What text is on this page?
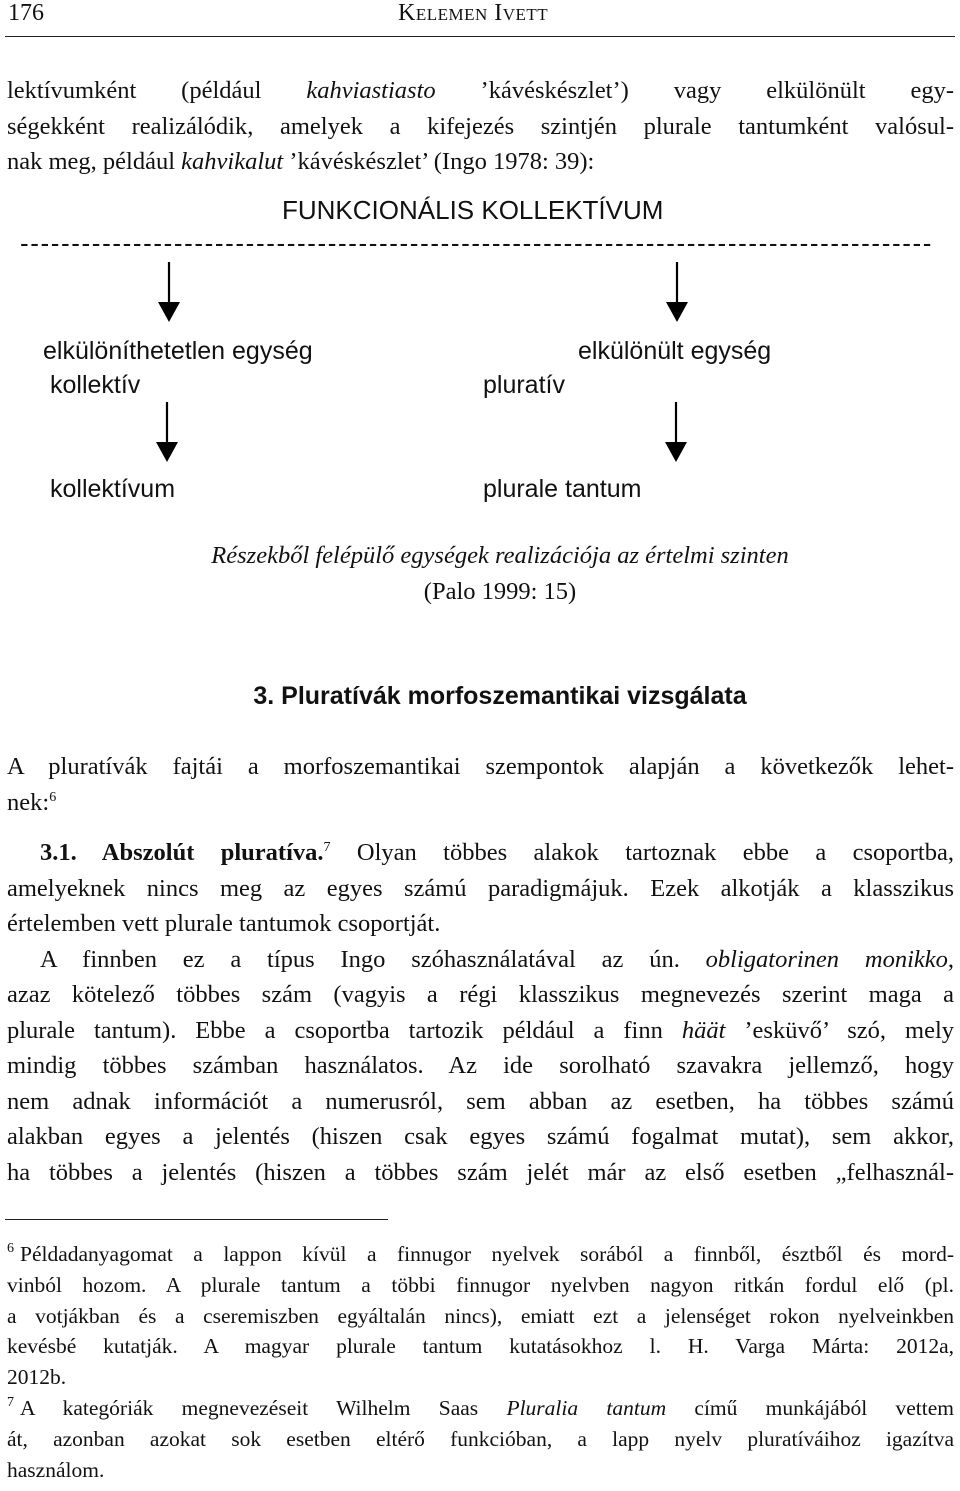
176	Kelemen Ivett
lektívumként (például kahviastiasto ’kávéskészlet’) vagy elkülönült egy-
ségekként realizálódik, amelyek a kifejezés szintjén plurale tantumként valósul-
nak meg, például kahvikalut ’kávéskészlet’ (Ingo 1978: 39):
FUNKCIONÁLIS KOLLEKTÍVUM
-----------------------------------------------------------------------------------------
elkülöníthetetlen egység	elkülönült egység
kollektív	pluratív
kollektívum	plurale tantum
Részekből felépülő egységek realizációja az értelmi szinten
(Palo 1999: 15)
3. Pluratívák morfoszemantikai vizsgálata
A pluratívák fajtái a morfoszemantikai szempontok alapján a következők lehet-
nek:$^6$
3.1. Abszolút pluratíva.$^7$ Olyan többes alakok tartoznak ebbe a csoportba,
amelyeknek nincs meg az egyes számú paradigmájuk. Ezek alkotják a klasszikus
értelemben vett plurale tantumok csoportját.
A finnben ez a típus Ingo szóhasználatával az ún. obligatorinen monikko,
azaz kötelező többes szám (vagyis a régi klasszikus megnevezés szerint maga a
plurale tantum). Ebbe a csoportba tartozik például a finn häät ’esküvő’ szó, mely
mindig többes számban használatos. Az ide sorolható szavakra jellemző, hogy
nem adnak információt a numerusról, sem abban az esetben, ha többes számú
alakban egyes a jelentés (hiszen csak egyes számú fogalmat mutat), sem akkor,
ha többes a jelentés (hiszen a többes szám jelét már az első esetben „felhasznál-
$^6$ Példadanyagomat a lappon kívül a finnugor nyelvek sorából a finnből, észtből és mord-
vinból hozom. A plurale tantum a többi finnugor nyelvben nagyon ritkán fordul elő (pl.
a votjákban és a cseremiszben egyáltalán nincs), emiatt ezt a jelenséget rokon nyelveinkben
kevésbé kutatják. A magyar plurale tantum kutatásokhoz l. H. Varga Márta: 2012a,
2012b.
$^7$ A kategóriák megnevezéseit Wilhelm Saas Pluralia tantum című munkájából vettem
át, azonban azokat sok esetben eltérő funkcióban, a lapp nyelv pluratíváihoz igazítva
használom.
